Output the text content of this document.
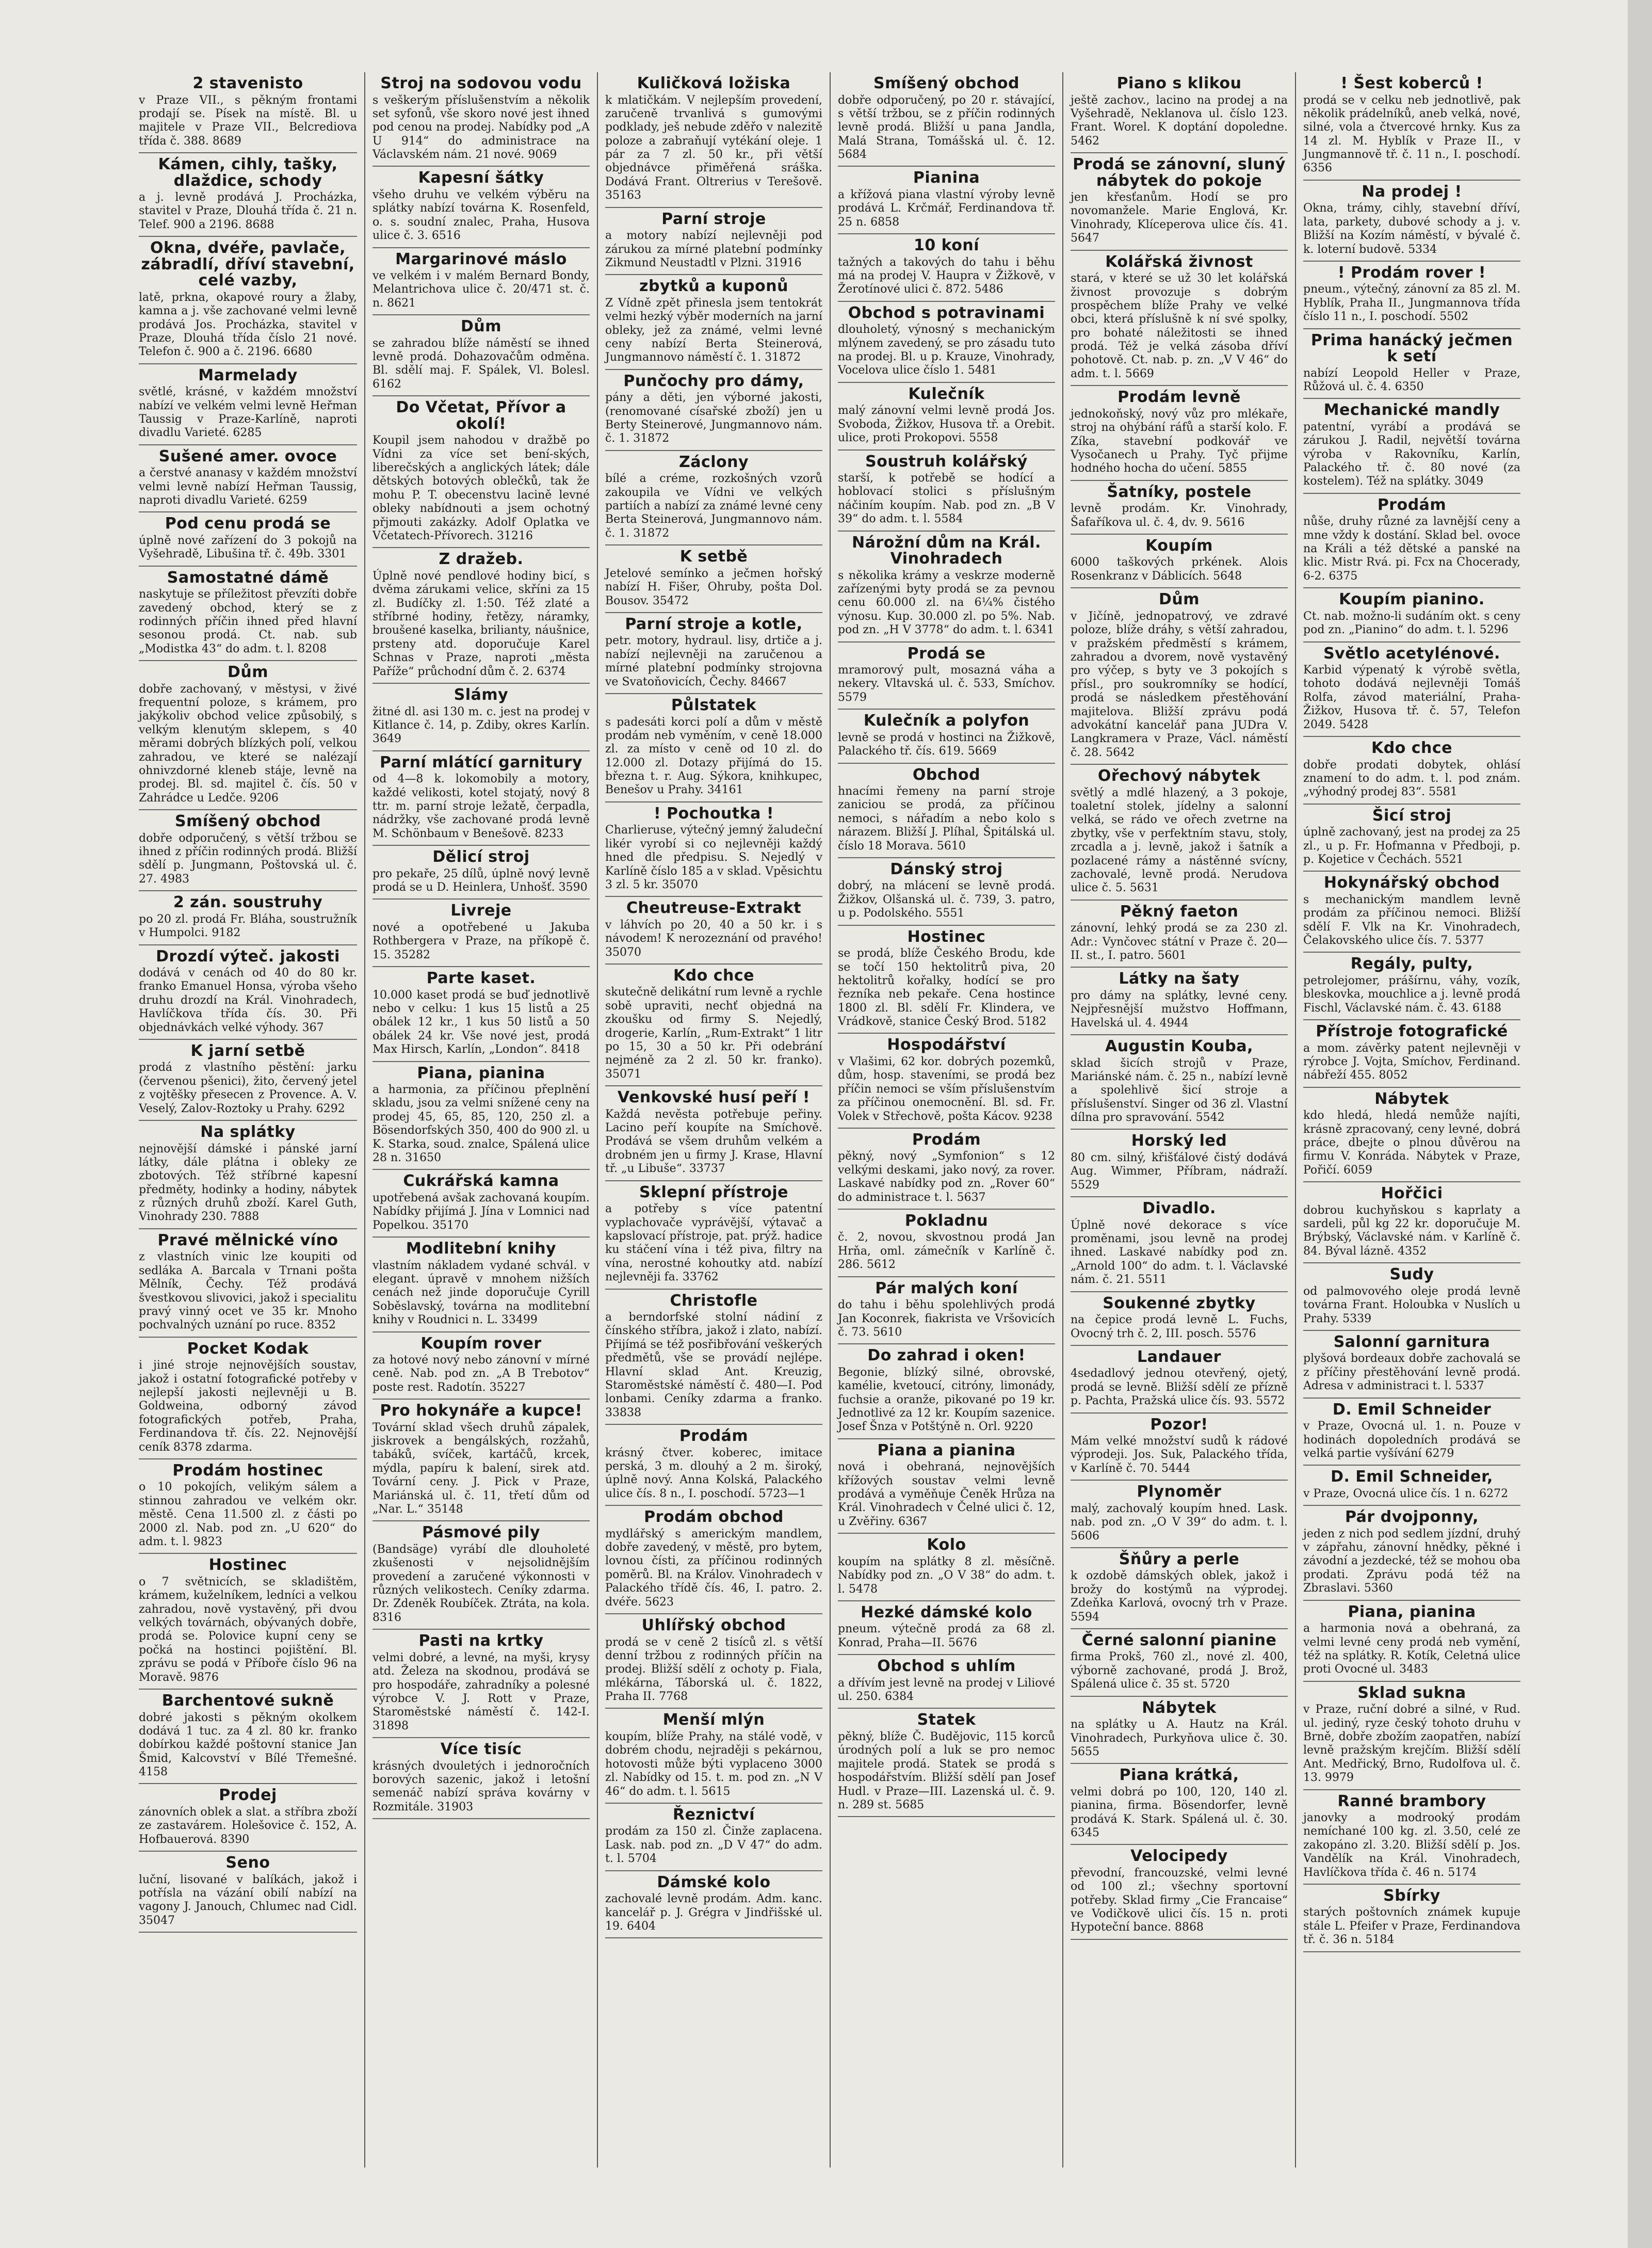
2 stavenisto

v Praze VII., s pěkným frontami prodají se. Písek na místě. Bl. u majitele v Praze VII., Belcrediova třída č. 388. 8689

Kámen, cihly, tašky, dlaždice, schody

a j. levně prodává J. Procházka, stavitel v Praze, Dlouhá třída č. 21 n. Telef. 900 a 2196. 8688

Okna, dvéře, pavlače, zábradlí, dříví stavební, celé vazby,

latě, prkna, okapové roury a žlaby, kamna a j. vše zachované velmi levně prodává Jos. Procházka, stavitel v Praze, Dlouhá třída číslo 21 nové. Telefon č. 900 a č. 2196. 6680

Marmelady

světlé, krásné, v každém množství nabízí ve velkém velmi levně Heřman Taussig v Praze-Karlíně, naproti divadlu Varieté. 6285

Sušené amer. ovoce

a čerstvé ananasy v každém množství velmi levně nabízí Heřman Taussig, naproti divadlu Varieté. 6259

Pod cenu prodá se

úplně nové zařízení do 3 pokojů na Vyšehradě, Libušina tř. č. 49b. 3301

Samostatné dámě

naskytuje se příležitost převzíti dobře zavedený obchod, který se z rodinných příčin ihned před hlavní sesonou prodá. Ct. nab. sub „Modistka 43“ do adm. t. l. 8208

Dům

dobře zachovaný, v městysi, v živé frequentní poloze, s krámem, pro jakýkoliv obchod velice způsobilý, s velkým klenutým sklepem, s 40 měrami dobrých blízkých polí, velkou zahradou, ve které se nalézají ohnivzdorné kleneb stáje, levně na prodej. Bl. sd. majitel č. čís. 50 v Zahrádce u Ledče. 9206

Smíšený obchod

dobře odporučený, s větší tržbou se ihned z příčin rodinných prodá. Bližší sdělí p. Jungmann, Poštovská ul. č. 27. 4983

2 zán. soustruhy

po 20 zl. prodá Fr. Bláha, soustružník v Humpolci. 9182

Drozdí výteč. jakosti

dodává v cenách od 40 do 80 kr. franko Emanuel Honsa, výroba všeho druhu drozdí na Král. Vinohradech, Havlíčkova třída čís. 30. Při objednávkách velké výhody. 367

K jarní setbě

prodá z vlastního pěstění: jarku (červenou pšenici), žito, červený jetel z vojtěšky přesecen z Provence. A. V. Veselý, Zalov-Roztoky u Prahy. 6292

Na splátky

nejnovější dámské i pánské jarní látky, dále plátna i obleky ze zbotových. Též stříbrné kapesní předměty, hodinky a hodiny, nábytek z různých druhů zboží. Karel Guth, Vinohrady 230. 7888

Pravé mělnické víno

z vlastních vinic lze koupiti od sedláka A. Barcala v Trnani pošta Mělník, Čechy. Též prodává švestkovou slivovici, jakož i specialitu pravý vinný ocet ve 35 kr. Mnoho pochvalných uznání po ruce. 8352

Pocket Kodak

i jiné stroje nejnovějších soustav, jakož i ostatní fotografické potřeby v nejlepší jakosti nejlevněji u B. Goldweina, odborný závod fotografických potřeb, Praha, Ferdinandova tř. čís. 22. Nejnovější ceník 8378 zdarma.

Prodám hostinec

o 10 pokojích, velikým sálem a stinnou zahradou ve velkém okr. městě. Cena 11.500 zl. z části po 2000 zl. Nab. pod zn. „U 620“ do adm. t. l. 9823

Hostinec

o 7 světnicích, se skladištěm, krámem, kuželníkem, ledníci a velkou zahradou, nově vystavěný, při dvou velkých továrnách, obývaných dobře, prodá se. Polovice kupní ceny se počká na hostinci pojištění. Bl. zprávu se podá v Příboře číslo 96 na Moravě. 9876

Barchentové sukně

dobré jakosti s pěkným okolkem dodává 1 tuc. za 4 zl. 80 kr. franko dobírkou každé poštovní stanice Jan Šmid, Kalcovství v Bílé Třemešné. 4158

Prodej

zánovních oblek a slat. a stříbra zboží ze zastavárem. Holešovice č. 152, A. Hofbauerová. 8390

Seno

luční, lisované v balíkách, jakož i potřísla na vázání obilí nabízí na vagony J. Janouch, Chlumec nad Cidl. 35047

Stroj na sodovou vodu

s veškerým příslušenstvím a několik set syfonů, vše skoro nové jest ihned pod cenou na prodej. Nabídky pod „A U 914“ do administrace na Václavském nám. 21 nové. 9069

Kapesní šátky

všeho druhu ve velkém výběru na splátky nabízí továrna K. Rosenfeld, o. s. soudní znalec, Praha, Husova ulice č. 3. 6516

Margarinové máslo

ve velkém i v malém Bernard Bondy, Melantrichova ulice č. 20/471 st. č. n. 8621

Dům

se zahradou blíže náměstí se ihned levně prodá. Dohazovačům odměna. Bl. sdělí maj. F. Spálek, Vl. Bolesl. 6162

Do Včetat, Přívor a okolí!

Koupil jsem nahodou v dražbě po Vídni za více set bení-ských, liberečských a anglických látek; dále dětských botových oblečků, tak že mohu P. T. obecenstvu lacině levné obleky nabídnouti a jsem ochotný přjmouti zakázky. Adolf Oplatka ve Včetatech-Přívorech. 31216

Z dražeb.

Úplně nové pendlové hodiny bicí, s dvěma zárukami velice, skříni za 15 zl. Budíčky zl. 1:50. Též zlaté a stříbrné hodiny, řetězy, náramky, broušené kaselka, brilianty, náušnice, prsteny atd. doporučuje Karel Schnas v Praze, naproti „města Paříže“ průchodní dům č. 2. 6374

Slámy

žitné dl. asi 130 m. c. jest na prodej v Kitlance č. 14, p. Zdiby, okres Karlín. 3649

Parní mlátící garnitury

od 4—8 k. lokomobily a motory, každé velikosti, kotel stojatý, nový 8 ttr. m. parní stroje ležatě, čerpadla, nádržky, vše zachované prodá levně M. Schönbaum v Benešově. 8233

Dělicí stroj

pro pekaře, 25 dílů, úplně nový levně prodá se u D. Heinlera, Unhošť. 3590

Livreje

nové a opotřebené u Jakuba Rothbergera v Praze, na příkopě č. 15. 35282

Parte kaset.

10.000 kaset prodá se buď jednotlivě nebo v celku: 1 kus 15 listů a 25 obálek 12 kr., 1 kus 50 listů a 50 obálek 24 kr. Vše nové jest, prodá Max Hirsch, Karlín, „London“. 8418

Piana, pianina

a harmonia, za příčinou přeplnění skladu, jsou za velmi snížené ceny na prodej 45, 65, 85, 120, 250 zl. a Bösendorfských 350, 400 do 900 zl. u K. Starka, soud. znalce, Spálená ulice 28 n. 31650

Cukrářská kamna

upotřebená avšak zachovaná koupím. Nabídky přijímá J. Jína v Lomnici nad Popelkou. 35170

Modlitební knihy

vlastním nákladem vydané schvál. v elegant. úpravě v mnohem nižších cenách než jinde doporučuje Cyrill Soběslavský, továrna na modlitební knihy v Roudnici n. L. 33499

Koupím rover

za hotové nový nebo zánovní v mírné ceně. Nab. pod zn. „A B Trebotov“ poste rest. Radotín. 35227

Pro hokynáře a kupce!

Tovární sklad všech druhů zápalek, jiskrovek a bengálských, rozžahů, tabáků, svíček, kartáčů, krcek, mýdla, papíru k balení, sirek atd. Tovární ceny. J. Pick v Praze, Mariánská ul. č. 11, třetí dům od „Nar. L.“ 35148

Pásmové pily

(Bandsäge) vyrábí dle dlouholeté zkušenosti v nejsolidnějším provedení a zaručené výkonnosti v různých velikostech. Ceníky zdarma. Dr. Zdeněk Roubíček. Ztráta, na kola. 8316

Pasti na krtky

velmi dobré, a levné, na myši, krysy atd. Železa na skodnou, prodává se pro hospodáře, zahradníky a polesné výrobce V. J. Rott v Praze, Staroměstské náměstí č. 142-I. 31898

Více tisíc

krásných dvouletých i jednoročních borových sazenic, jakož i letošní semenáč nabízí správa kovárny v Rozmitále. 31903

Kuličková ložiska

k mlatičkám. V nejlepším provedení, zaručeně trvanlivá s gumovými podklady, ješ nebude zděřo v nalezitě poloze a zabraňují vytékání oleje. 1 pár za 7 zl. 50 kr., při větší objednávce přiměřená sráška. Dodává Frant. Oltrerius v Terešově. 35163

Parní stroje

a motory nabízí nejlevněji pod zárukou za mírné platební podmínky Zikmund Neustadtl v Plzni. 31916

zbytků a kuponů

Z Vídně zpět přinesla jsem tentokrát velmi hezký výběr moderních na jarní obleky, jež za známé, velmi levné ceny nabízí Berta Steinerová, Jungmannovo náměstí č. 1. 31872

Punčochy pro dámy,

pány a děti, jen výborné jakosti, (renomované císařské zboží) jen u Berty Steinerové, Jungmannovo nám. č. 1. 31872

Záclony

bílé a créme, rozkošných vzorů zakoupila ve Vídni ve velkých partiích a nabízí za známé levné ceny Berta Steinerová, Jungmannovo nám. č. 1. 31872

K setbě

Jetelové semínko a ječmen hořský nabízí H. Fišer, Ohruby, pošta Dol. Bousov. 35472

Parní stroje a kotle,

petr. motory, hydraul. lisy, drtiče a j. nabízí nejlevněji na zaručenou a mírné platební podmínky strojovna ve Svatoňovicích, Čechy. 84667

Půlstatek

s padesáti korci polí a dům v městě prodám neb vyměním, v ceně 18.000 zl. za místo v ceně od 10 zl. do 12.000 zl. Dotazy přijímá do 15. března t. r. Aug. Sýkora, knihkupec, Benešov u Prahy. 34161

! Pochoutka !

Charlieruse, výtečný jemný žaludeční likér vyrobí si co nejlevněji každý hned dle předpisu. S. Nejedlý v Karlíně číslo 185 a v sklad. Vpěsichtu 3 zl. 5 kr. 35070

Cheutreuse-Extrakt

v láhvích po 20, 40 a 50 kr. i s návodem! K nerozeznání od pravého! 35070

Kdo chce

skutečně delikátní rum levně a rychle sobě upraviti, nechť objedná na zkoušku od firmy S. Nejedlý, drogerie, Karlín, „Rum-Extrakt“ 1 litr po 15, 30 a 50 kr. Při odebrání nejméně za 2 zl. 50 kr. franko). 35071

Venkovské husí peří !

Každá nevěsta potřebuje peřiny. Lacino peří koupíte na Smíchově. Prodává se všem druhům velkém a drobném jen u firmy J. Krase, Hlavní tř. „u Libuše“. 33737

Sklepní přístroje

a potřeby s více patentní vyplachovače vyprávější, výtavač a kapslovací přístroje, pat. prýž. hadice ku stáčení vína i též piva, filtry na vína, nerostné kohoutky atd. nabízí nejlevněji fa. 33762

Christofle

a berndorfské stolní nádiní z čínského stříbra, jakož i zlato, nabízí. Přijímá se též posřibřování veškerých předmětů, vše se provádí nejlépe. Hlavní sklad Ant. Kreuzig, Staroměstské náměstí č. 480—I. Pod lonbami. Ceníky zdarma a franko. 33838

Prodám

krásný čtver. koberec, imitace perská, 3 m. dlouhý a 2 m. široký, úplně nový. Anna Kolská, Palackého ulice čís. 8 n., I. poschodí. 5723—1

Prodám obchod

mydlářský s americkým mandlem, dobře zavedený, v městě, pro bytem, lovnou čísti, za příčinou rodinných poměrů. Bl. na Králov. Vinohradech v Palackého třídě čís. 46, I. patro. 2. dvéře. 5623

Uhlířský obchod

prodá se v ceně 2 tisíců zl. s větší denní tržbou z rodinných příčin na prodej. Bližší sdělí z ochoty p. Fiala, mlékárna, Táborská ul. č. 1822, Praha II. 7768

Menší mlýn

koupím, blíže Prahy, na stálé vodě, v dobrém chodu, nejraději s pekárnou, hotovosti může býti vyplaceno 3000 zl. Nabídky od 15. t. m. pod zn. „N V 46“ do adm. t. l. 5615

Řeznictví

prodám za 150 zl. Činže zaplacena. Lask. nab. pod zn. „D V 47“ do adm. t. l. 5704

Dámské kolo

zachovalé levně prodám. Adm. kanc. kancelář p. J. Grégra v Jindřišské ul. 19. 6404

Smíšený obchod

dobře odporučený, po 20 r. stávající, s větší tržbou, se z příčin rodinných levně prodá. Bližší u pana Jandla, Malá Strana, Tomášská ul. č. 12. 5684

Pianina

a křížová piana vlastní výroby levně prodává L. Krčmář, Ferdinandova tř. 25 n. 6858

10 koní

tažných a takových do tahu i běhu má na prodej V. Haupra v Žižkově, v Žerotínové ulici č. 872. 5486

Obchod s potravinami

dlouholetý, výnosný s mechanickým mlýnem zavedený, se pro zásadu tuto na prodej. Bl. u p. Krauze, Vinohrady, Vocelova ulice číslo 1. 5481

Kulečník

malý zánovní velmi levně prodá Jos. Svoboda, Žižkov, Husova tř. a Orebit. ulice, proti Prokopovi. 5558

Soustruh kolářský

starší, k potřebě se hodící a hoblovací stolici s příslušným náčiním koupím. Nab. pod zn. „B V 39“ do adm. t. l. 5584

Nárožní dům na Král. Vinohradech

s několika krámy a veskrze moderně zařízenými byty prodá se za pevnou cenu 60.000 zl. na 6¼% čistého výnosu. Kup. 30.000 zl. po 5%. Nab. pod zn. „H V 3778“ do adm. t. l. 6341

Prodá se

mramorový pult, mosazná váha a nekery. Vltavská ul. č. 533, Smíchov. 5579

Kulečník a polyfon

levně se prodá v hostinci na Žižkově, Palackého tř. čís. 619. 5669

Obchod

hnacími řemeny na parní stroje zaniciou se prodá, za příčinou nemoci, s nářadím a nebo kolo s nárazem. Bližší J. Plíhal, Špitálská ul. číslo 18 Morava. 5610

Dánský stroj

dobrý, na mlácení se levně prodá. Žižkov, Olšanská ul. č. 739, 3. patro, u p. Podolského. 5551

Hostinec

se prodá, blíže Českého Brodu, kde se točí 150 hektolitrů piva, 20 hektolitrů kořalky, hodící se pro řezníka neb pekaře. Cena hostince 1800 zl. Bl. sdělí Fr. Klindera, ve Vrádkově, stanice Český Brod. 5182

Hospodářství

v Vlašimi, 62 kor. dobrých pozemků, dům, hosp. staveními, se prodá bez příčin nemoci se vším příslušenstvím za příčinou onemocnění. Bl. sd. Fr. Volek v Střechově, pošta Kácov. 9238

Prodám

pěkný, nový „Symfonion“ s 12 velkými deskami, jako nový, za rover. Laskavé nabídky pod zn. „Rover 60“ do administrace t. l. 5637

Pokladnu

č. 2, novou, skvostnou prodá Jan Hrňa, oml. zámečník v Karlíně č. 286. 5612

Pár malých koní

do tahu i běhu spolehlivých prodá Jan Koconrek, fiakrista ve Vršovicích č. 73. 5610

Do zahrad i oken!

Begonie, blízký silné, obrovské, kamélie, kvetoucí, citróny, limonády, fuchsie a oranže, pikované po 19 kr. Jednotlivé za 12 kr. Koupím sazenice. Josef Šnza v Potštýně n. Orl. 9220

Piana a pianina

nová i obehraná, nejnovějších křížových soustav velmi levně prodává a vyměňuje Čeněk Hrůza na Král. Vinohradech v Čelné ulici č. 12, u Zvěřiny. 6367

Kolo

koupím na splátky 8 zl. měsíčně. Nabídky pod zn. „O V 38“ do adm. t. l. 5478

Hezké dámské kolo

pneum. výtečně prodá za 68 zl. Konrad, Praha—II. 5676

Obchod s uhlím

a dřívím jest levně na prodej v Liliové ul. 250. 6384

Statek

pěkný, blíže Č. Budějovic, 115 korců úrodných polí a luk se pro nemoc majitele prodá. Statek se prodá s hospodářstvím. Bližší sdělí pan Josef Hudl. v Praze—III. Lazenská ul. č. 9. n. 289 st. 5685

Piano s klikou

ještě zachov., lacino na prodej a na Vyšehradě, Neklanova ul. číslo 123. Frant. Worel. K doptání dopoledne. 5462

Prodá se zánovní, sluný nábytek do pokoje

jen křesťanům. Hodí se pro novomanžele. Marie Englová, Kr. Vinohrady, Klíceperova ulice čís. 41. 5647

Kolářská živnost

stará, v které se už 30 let kolářská živnost provozuje s dobrým prospěchem blíže Prahy ve velké obci, která příslušně k ní své spolky, pro bohaté náležitosti se ihned prodá. Též je velká zásoba dříví pohotově. Ct. nab. p. zn. „V V 46“ do adm. t. l. 5669

Prodám levně

jednokoňský, nový vůz pro mlékaře, stroj na ohýbání ráfů a starší kolo. F. Zíka, stavební podkovář ve Vysočanech u Prahy. Tyč přijme hodného hocha do učení. 5855

Šatníky, postele

levně prodám. Kr. Vinohrady, Šafaříkova ul. č. 4, dv. 9. 5616

Koupím

6000 taškových prkének. Alois Rosenkranz v Dáblicích. 5648

Dům

v Jičíně, jednopatrový, ve zdravé poloze, blíže dráhy, s větší zahradou, v pražském předměstí s krámem, zahradou a dvorem, nově vystavěný pro výčep, s byty ve 3 pokojích s přísl., pro soukromníky se hodící, prodá se následkem přestěhování majitelova. Bližší zprávu podá advokátní kancelář pana JUDra V. Langkramera v Praze, Václ. náměstí č. 28. 5642

Ořechový nábytek

světlý a mdlé hlazený, a 3 pokoje, toaletní stolek, jídelny a salonní velká, se rádo ve ořech zvetrne na zbytky, vše v perfektním stavu, stoly, zrcadla a j. levně, jakož i šatník a pozlacené rámy a nástěnné svícny, zachovalé, levně prodá. Nerudova ulice č. 5. 5631

Pěkný faeton

zánovní, lehký prodá se za 230 zl. Adr.: Vynčovec státní v Praze č. 20—II. st., I. patro. 5601

Látky na šaty

pro dámy na splátky, levné ceny. Nejpřesnější mužstvo Hoffmann, Havelská ul. 4. 4944

Augustin Kouba,

sklad šicích strojů v Praze, Mariánské nám. č. 25 n., nabízí levně a spolehlivě šicí stroje a příslušenství. Singer od 36 zl. Vlastní dílna pro spravování. 5542

Horský led

80 cm. silný, křišťálové čistý dodává Aug. Wimmer, Příbram, nádraží. 5529

Divadlo.

Úplně nové dekorace s více proměnami, jsou levně na prodej ihned. Laskavé nabídky pod zn. „Arnold 100“ do adm. t. l. Václavské nám. č. 21. 5511

Soukenné zbytky

na čepice prodá levně L. Fuchs, Ovocný trh č. 2, III. posch. 5576

Landauer

4sedadlový jednou otevřený, ojetý, prodá se levně. Bližší sdělí ze přízně p. Pachta, Pražská ulice čís. 93. 5572

Pozor!

Mám velké množství sudů k rádové výprodeji. Jos. Suk, Palackého třída, v Karlíně č. 70. 5444

Plynoměr

malý, zachovalý koupím hned. Lask. nab. pod zn. „O V 39“ do adm. t. l. 5606

Šňůry a perle

k ozdobě dámských oblek, jakož i brožy do kostýmů na výprodej. Zdeňka Karlová, ovocný trh v Praze. 5594

Černé salonní pianine

firma Prokš, 760 zl., nové zl. 400, výborně zachované, prodá J. Brož, Spálená ulice č. 35 st. 5720

Nábytek

na splátky u A. Hautz na Král. Vinohradech, Purkyňova ulice č. 30. 5655

Piana krátká,

velmi dobrá po 100, 120, 140 zl. pianina, firma. Bösendorfer, levně prodává K. Stark. Spálená ul. č. 30. 6345

Velocipedy

převodní, francouzské, velmi levné od 100 zl.; všechny sportovní potřeby. Sklad firmy „Cie Francaise“ ve Vodičkově ulici čís. 15 n. proti Hypoteční bance. 8868

! Šest koberců !

prodá se v celku neb jednotlivě, pak několik prádelníků, aneb velká, nové, silné, vola a čtvercové hrnky. Kus za 14 zl. M. Hyblík v Praze II., v Jungmannově tř. č. 11 n., I. poschodí. 6356

Na prodej !

Okna, trámy, cihly, stavební dříví, lata, parkety, dubové schody a j. v. Bližší na Kozím náměstí, v bývalé č. k. loterní budově. 5334

! Prodám rover !

pneum., výtečný, zánovní za 85 zl. M. Hyblík, Praha II., Jungmannova třída číslo 11 n., I. poschodí. 5502

Prima hanácký ječmen k setí

nabízí Leopold Heller v Praze, Růžová ul. č. 4. 6350

Mechanické mandly

patentní, vyrábí a prodává se zárukou J. Radil, největší továrna výroba v Rakovníku, Karlín, Palackého tř. č. 80 nové (za kostelem). Též na splátky. 3049

Prodám

nůše, druhy různé za lavnější ceny a mne vždy k dostání. Sklad bel. ovoce na Králi a též dětské a panské na klic. Mistr Rvá. pi. Fcx na Chocerady, 6-2. 6375

Koupím pianino.

Ct. nab. možno-li sudáním okt. s ceny pod zn. „Pianino“ do adm. t. l. 5296

Světlo acetylénové.

Karbid výpenatý k výrobě světla, tohoto dodává nejlevněji Tomáš Rolfa, závod materiální, Praha-Žižkov, Husova tř. č. 57, Telefon 2049. 5428

Kdo chce

dobře prodati dobytek, ohlásí znamení to do adm. t. l. pod znám. „výhodný prodej 83“. 5581

Šicí stroj

úplně zachovaný, jest na prodej za 25 zl., u p. Fr. Hofmanna v Předboji, p. p. Kojetice v Čechách. 5521

Hokynářský obchod

s mechanickým mandlem levně prodám za příčinou nemoci. Bližší sdělí F. Vlk na Kr. Vinohradech, Čelakovského ulice čís. 7. 5377

Regály, pulty,

petrolejomer, prášírnu, váhy, vozík, bleskovka, mouchlice a j. levně prodá Fischl, Václavské nám. č. 43. 6188

Přístroje fotografické

a mom. závěrky patent nejlevněji v rýrobce J. Vojta, Smíchov, Ferdinand. nábřeží 455. 8052

Nábytek

kdo hledá, hledá nemůže najíti, krásně zpracovaný, ceny levné, dobrá práce, dbejte o plnou důvěrou na firmu V. Konráda. Nábytek v Praze, Pořičí. 6059

Hořčici

dobrou kuchyňskou s kaprlaty a sardeli, půl kg 22 kr. doporučuje M. Brýbský, Václavské nám. v Karlíně č. 84. Býval lázně. 4352

Sudy

od palmovového oleje prodá levně továrna Frant. Holoubka v Nuslích u Prahy. 5339

Salonní garnitura

plyšová bordeaux dobře zachovalá se z příčiny přestěhování levně prodá. Adresa v administraci t. l. 5337

D. Emil Schneider

v Praze, Ovocná ul. 1. n. Pouze v hodinách dopoledních prodává se velká partie vyšívání 6279

D. Emil Schneider,

v Praze, Ovocná ulice čís. 1 n. 6272

Pár dvojponny,

jeden z nich pod sedlem jízdní, druhý v zápřahu, zánovní hnědky, pěkné i závodní a jezdecké, též se mohou oba prodati. Zprávu podá též na Zbraslavi. 5360

Piana, pianina

a harmonia nová a obehraná, za velmi levné ceny prodá neb vymění, též na splátky. R. Kotík, Celetná ulice proti Ovocné ul. 3483

Sklad sukna

v Praze, ruční dobré a silné, v Rud. ul. jediný, ryze český tohoto druhu v Brně, dobře zbožím zaopatřen, nabízí levně pražským krejčím. Bližší sdělí Ant. Medřický, Brno, Rudolfova ul. č. 13. 9979

Ranné brambory

janovky a modrooký prodám nemíchané 100 kg. zl. 3.50, celé ze zakopáno zl. 3.20. Bližší sdělí p. Jos. Vandělík na Král. Vinohradech, Havlíčkova třída č. 46 n. 5174

Sbírky

starých poštovních známek kupuje stále L. Pfeifer v Praze, Ferdinandova tř. č. 36 n. 5184
